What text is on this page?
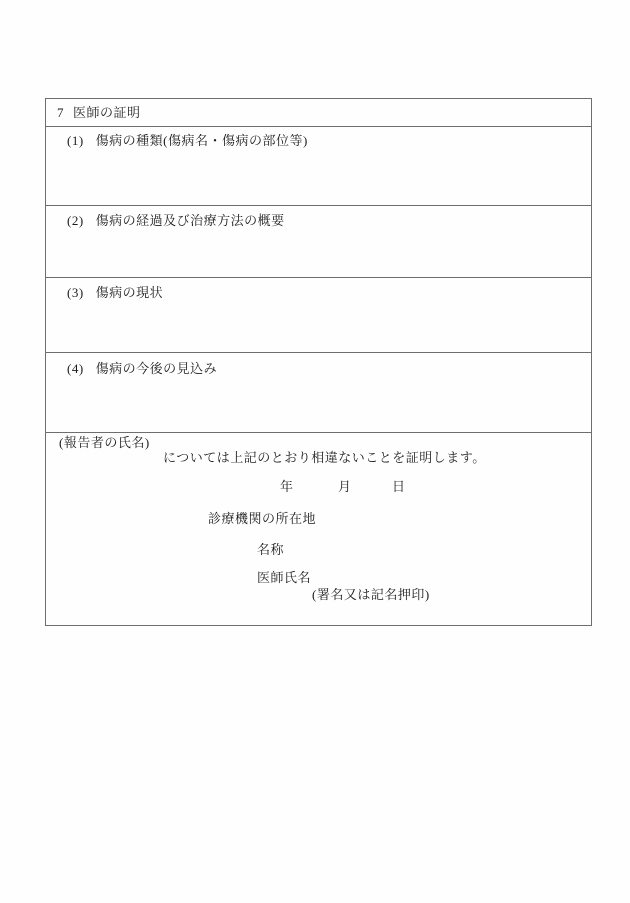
7 医師の証明
(1) 傷病の種類(傷病名・傷病の部位等)
(2) 傷病の経過及び治療方法の概要
(3) 傷病の現状
(4) 傷病の今後の見込み
(報告者の氏名)
については上記のとおり相違ないことを証明します。
年	月	日
診療機関の所在地
名称
医師氏名
(署名又は記名押印)
